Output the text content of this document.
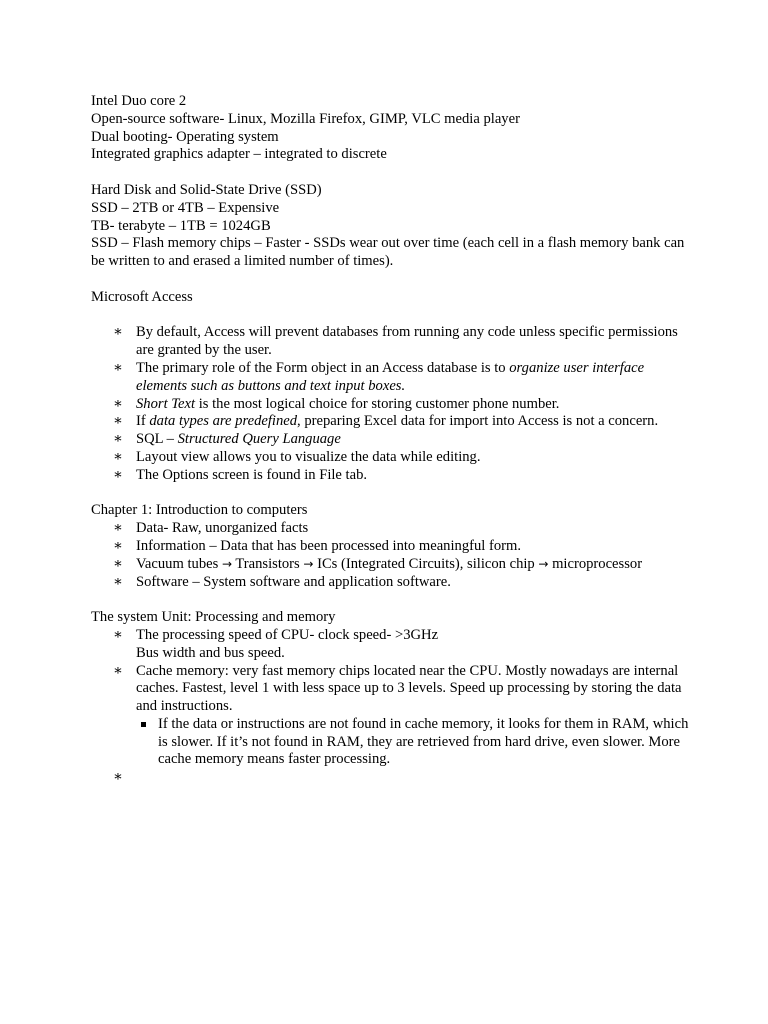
Intel Duo core 2

Open-source software- Linux, Mozilla Firefox, GIMP, VLC media player

Dual booting- Operating system

Integrated graphics adapter – integrated to discrete

Hard Disk and Solid-State Drive (SSD)

SSD – 2TB or 4TB – Expensive

TB- terabyte – 1TB = 1024GB

SSD – Flash memory chips – Faster - SSDs wear out over time (each cell in a flash memory bank can be written to and erased a limited number of times).

Microsoft Access

∗ By default, Access will prevent databases from running any code unless specific permissions are granted by the user.
∗ The primary role of the Form object in an Access database is to organize user interface elements such as buttons and text input boxes.
∗ Short Text is the most logical choice for storing customer phone number.
∗ If data types are predefined, preparing Excel data for import into Access is not a concern.
∗ SQL – Structured Query Language
∗ Layout view allows you to visualize the data while editing.
∗ The Options screen is found in File tab.

Chapter 1: Introduction to computers

∗ Data- Raw, unorganized facts
∗ Information – Data that has been processed into meaningful form.
∗ Vacuum tubes → Transistors → ICs (Integrated Circuits), silicon chip → microprocessor
∗ Software – System software and application software.

The system Unit: Processing and memory

∗ The processing speed of CPU- clock speed- >3GHz
Bus width and bus speed.
∗ Cache memory: very fast memory chips located near the CPU. Mostly nowadays are internal caches. Fastest, level 1 with less space up to 3 levels. Speed up processing by storing the data and instructions.
If the data or instructions are not found in cache memory, it looks for them in RAM, which is slower. If it’s not found in RAM, they are retrieved from hard drive, even slower. More cache memory means faster processing.
∗
